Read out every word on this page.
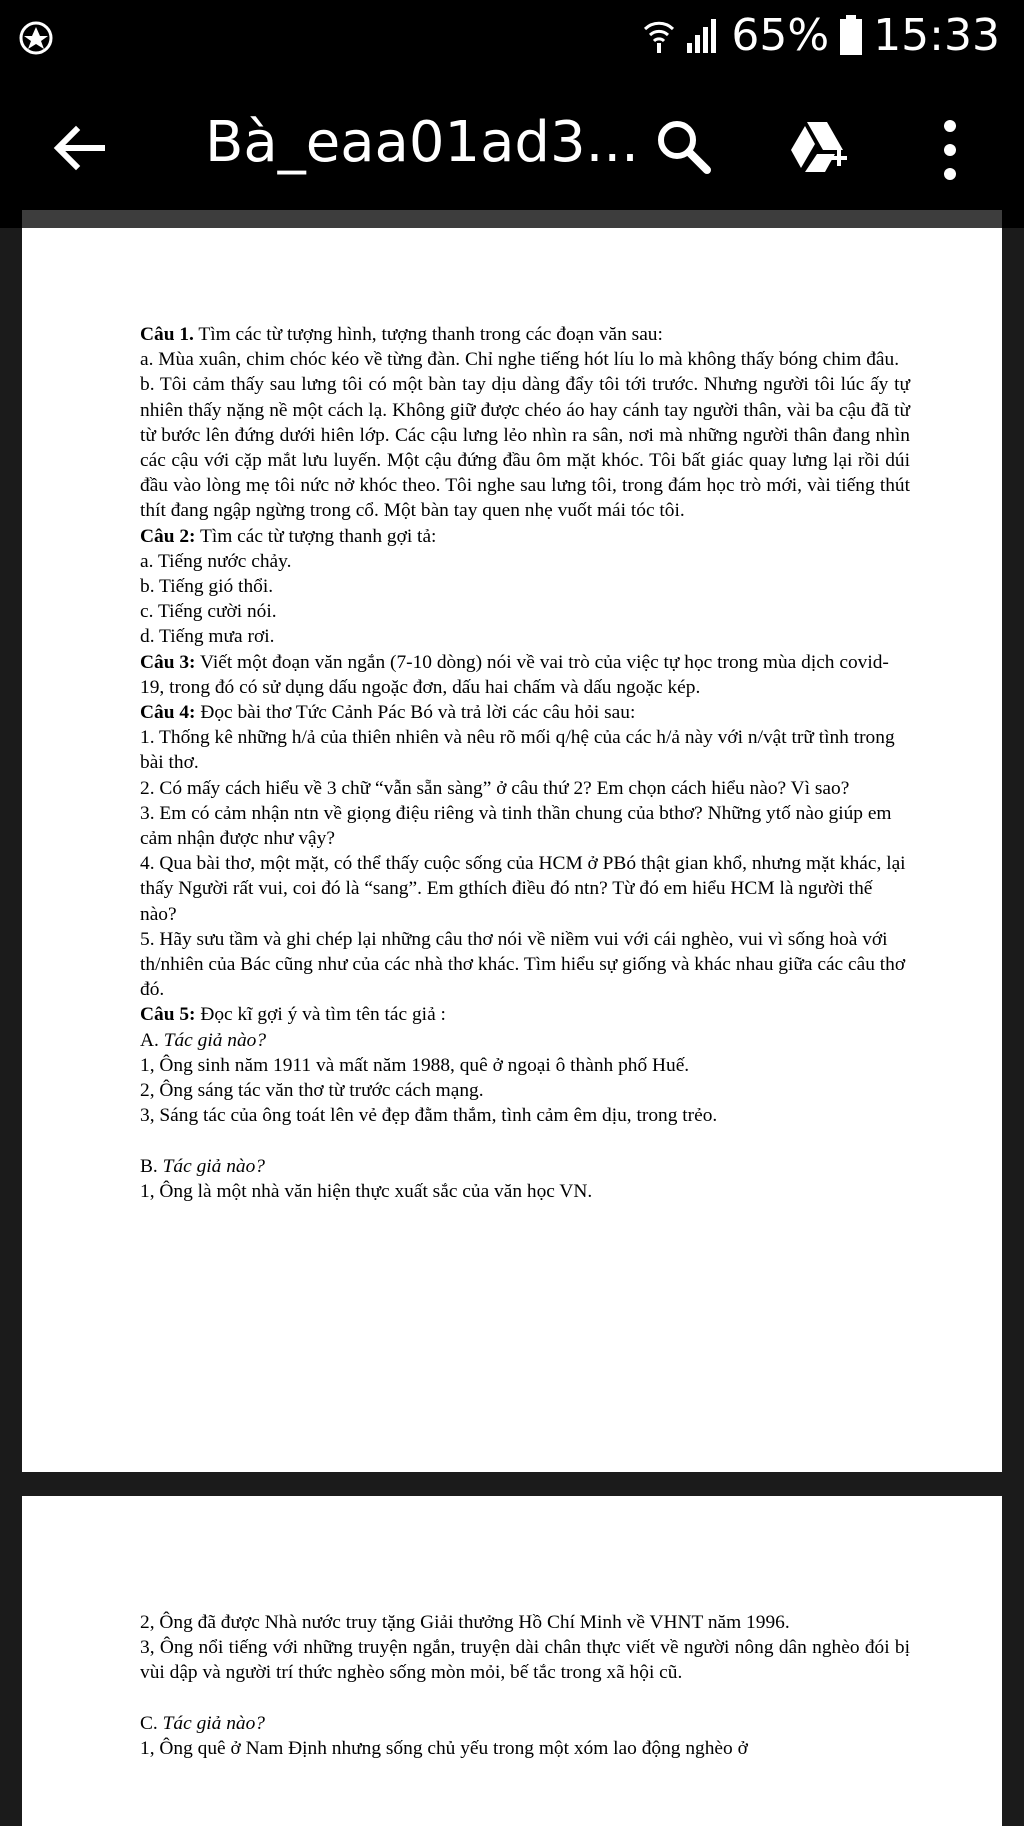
65% 15:33
Bà_eaa01ad3...

Câu 1. Tìm các từ tượng hình, tượng thanh trong các đoạn văn sau:

a. Mùa xuân, chim chóc kéo về từng đàn. Chỉ nghe tiếng hót líu lo mà không thấy bóng chim đâu.

b. Tôi cảm thấy sau lưng tôi có một bàn tay dịu dàng đẩy tôi tới trước. Nhưng người tôi lúc ấy tự nhiên thấy nặng nề một cách lạ. Không giữ được chéo áo hay cánh tay người thân, vài ba cậu đã từ từ bước lên đứng dưới hiên lớp. Các cậu lưng lẻo nhìn ra sân, nơi mà những người thân đang nhìn các cậu với cặp mắt lưu luyến. Một cậu đứng đầu ôm mặt khóc. Tôi bất giác quay lưng lại rồi dúi đầu vào lòng mẹ tôi nức nở khóc theo. Tôi nghe sau lưng tôi, trong đám học trò mới, vài tiếng thút thít đang ngập ngừng trong cổ. Một bàn tay quen nhẹ vuốt mái tóc tôi.

Câu 2: Tìm các từ tượng thanh gợi tả:

a. Tiếng nước chảy.

b. Tiếng gió thổi.

c. Tiếng cười nói.

d. Tiếng mưa rơi.

Câu 3: Viết một đoạn văn ngắn (7-10 dòng) nói về vai trò của việc tự học trong mùa dịch covid-19, trong đó có sử dụng dấu ngoặc đơn, dấu hai chấm và dấu ngoặc kép.

Câu 4: Đọc bài thơ Tức Cảnh Pác Bó và trả lời các câu hỏi sau:

1. Thống kê những h/ả của thiên nhiên và nêu rõ mối q/hệ của các h/ả này với n/vật trữ tình trong bài thơ.

2. Có mấy cách hiểu về 3 chữ “vẫn sẵn sàng” ở câu thứ 2? Em chọn cách hiểu nào? Vì sao?

3. Em có cảm nhận ntn về giọng điệu riêng và tinh thần chung của bthơ? Những ytố nào giúp em cảm nhận được như vậy?

4. Qua bài thơ, một mặt, có thể thấy cuộc sống của HCM ở PBó thật gian khổ, nhưng mặt khác, lại thấy Người rất vui, coi đó là “sang”. Em gthích điều đó ntn? Từ đó em hiểu HCM là người thế nào?

5. Hãy sưu tầm và ghi chép lại những câu thơ nói về niềm vui với cái nghèo, vui vì sống hoà với th/nhiên của Bác cũng như của các nhà thơ khác. Tìm hiểu sự giống và khác nhau giữa các câu thơ đó.

Câu 5: Đọc kĩ gợi ý và tìm tên tác giả :

A. Tác giả nào?

1, Ông sinh năm 1911 và mất năm 1988, quê ở ngoại ô thành phố Huế.

2, Ông sáng tác văn thơ từ trước cách mạng.

3, Sáng tác của ông toát lên vẻ đẹp đằm thắm, tình cảm êm dịu, trong trẻo.

B. Tác giả nào?

1, Ông là một nhà văn hiện thực xuất sắc của văn học VN.

2, Ông đã được Nhà nước truy tặng Giải thưởng Hồ Chí Minh về VHNT năm 1996.

3, Ông nổi tiếng với những truyện ngắn, truyện dài chân thực viết về người nông dân nghèo đói bị vùi dập và người trí thức nghèo sống mòn mỏi, bế tắc trong xã hội cũ.

C. Tác giả nào?

1, Ông quê ở Nam Định nhưng sống chủ yếu trong một xóm lao động nghèo ở
